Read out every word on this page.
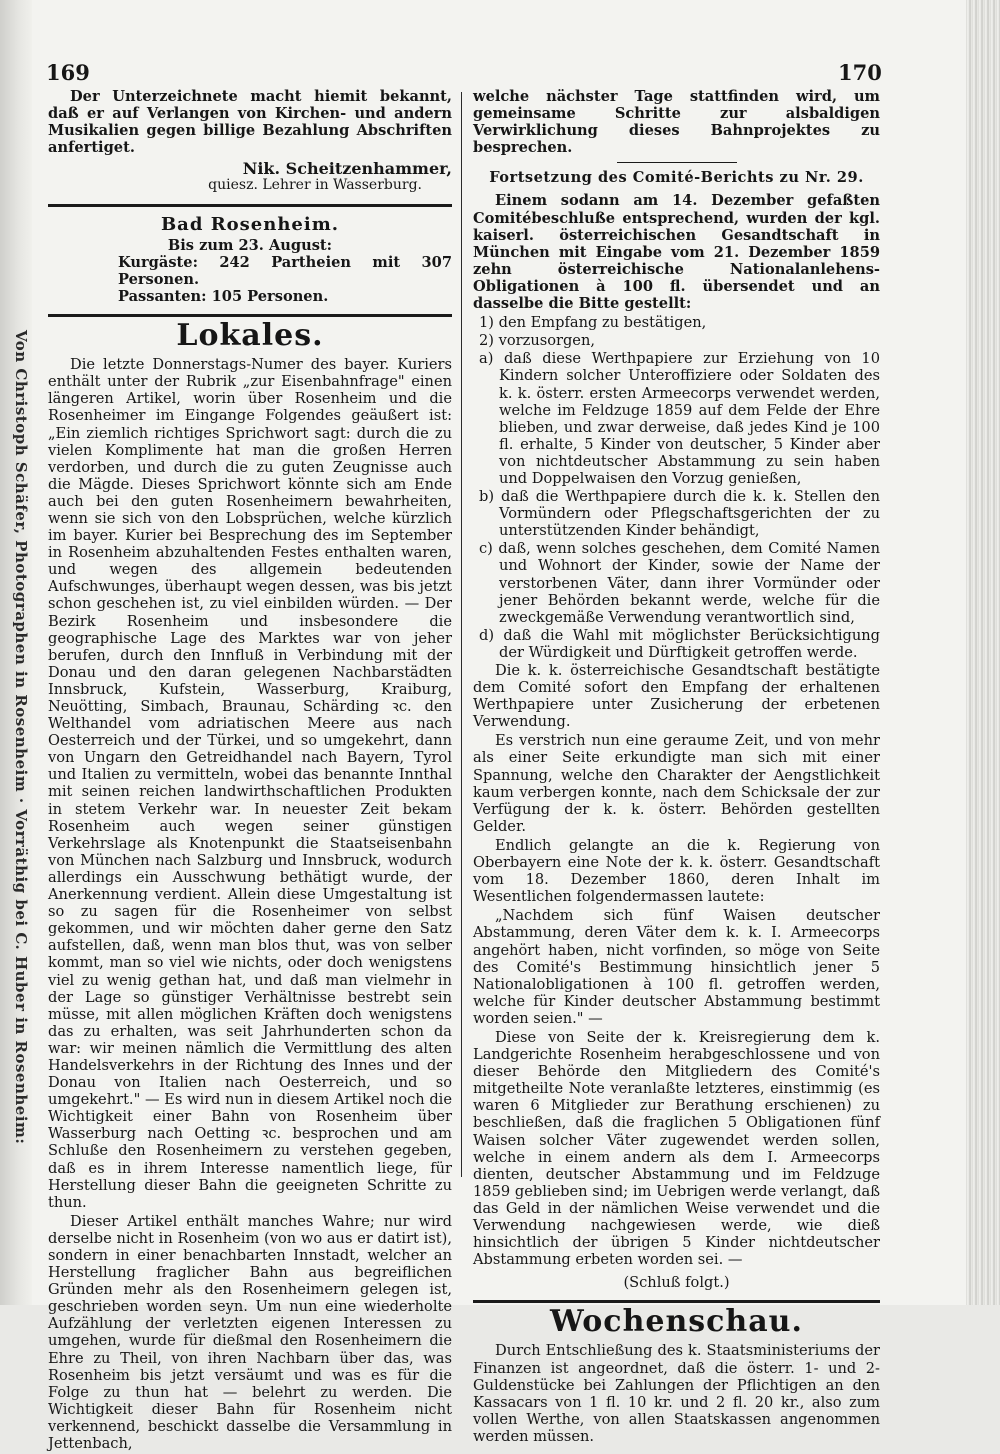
Von Christoph Schäfer, Photographen in Rosenheim · Vorräthig bei C. Huber in Rosenheim:
169	170
Der Unterzeichnete macht hiemit bekannt, daß er auf Verlangen von Kirchen- und andern Musikalien gegen billige Bezahlung Abschriften anfertiget.
Nik. Scheitzenhammer,
quiesz. Lehrer in Wasserburg.
Bad Rosenheim.
Bis zum 23. August:
Kurgäste: 242 Partheien mit 307 Personen.
Passanten: 105 Personen.
Lokales.
Die letzte Donnerstags-Numer des bayer. Kuriers enthält unter der Rubrik „zur Eisenbahnfrage" einen längeren Artikel, worin über Rosenheim und die Rosenheimer im Eingange Folgendes geäußert ist: „Ein ziemlich richtiges Sprichwort sagt: durch die zu vielen Komplimente hat man die großen Herren verdorben, und durch die zu guten Zeugnisse auch die Mägde. Dieses Sprichwort könnte sich am Ende auch bei den guten Rosenheimern bewahrheiten, wenn sie sich von den Lobsprüchen, welche kürzlich im bayer. Kurier bei Besprechung des im September in Rosenheim abzuhaltenden Festes enthalten waren, und wegen des allgemein bedeutenden Aufschwunges, überhaupt wegen dessen, was bis jetzt schon geschehen ist, zu viel einbilden würden. — Der Bezirk Rosenheim und insbesondere die geographische Lage des Marktes war von jeher berufen, durch den Innfluß in Verbindung mit der Donau und den daran gelegenen Nachbarstädten Innsbruck, Kufstein, Wasserburg, Kraiburg, Neuötting, Simbach, Braunau, Schärding ꝛc. den Welthandel vom adriatischen Meere aus nach Oesterreich und der Türkei, und so umgekehrt, dann von Ungarn den Getreidhandel nach Bayern, Tyrol und Italien zu vermitteln, wobei das benannte Innthal mit seinen reichen landwirthschaftlichen Produkten in stetem Verkehr war. In neuester Zeit bekam Rosenheim auch wegen seiner günstigen Verkehrslage als Knotenpunkt die Staatseisenbahn von München nach Salzburg und Innsbruck, wodurch allerdings ein Ausschwung bethätigt wurde, der Anerkennung verdient. Allein diese Umgestaltung ist so zu sagen für die Rosenheimer von selbst gekommen, und wir möchten daher gerne den Satz aufstellen, daß, wenn man blos thut, was von selber kommt, man so viel wie nichts, oder doch wenigstens viel zu wenig gethan hat, und daß man vielmehr in der Lage so günstiger Verhältnisse bestrebt sein müsse, mit allen möglichen Kräften doch wenigstens das zu erhalten, was seit Jahrhunderten schon da war: wir meinen nämlich die Vermittlung des alten Handelsverkehrs in der Richtung des Innes und der Donau von Italien nach Oesterreich, und so umgekehrt." — Es wird nun in diesem Artikel noch die Wichtigkeit einer Bahn von Rosenheim über Wasserburg nach Oetting ꝛc. besprochen und am Schluße den Rosenheimern zu verstehen gegeben, daß es in ihrem Interesse namentlich liege, für Herstellung dieser Bahn die geeigneten Schritte zu thun.
Dieser Artikel enthält manches Wahre; nur wird derselbe nicht in Rosenheim (von wo aus er datirt ist), sondern in einer benachbarten Innstadt, welcher an Herstellung fraglicher Bahn aus begreiflichen Gründen mehr als den Rosenheimern gelegen ist, geschrieben worden seyn. Um nun eine wiederholte Aufzählung der verletzten eigenen Interessen zu umgehen, wurde für dießmal den Rosenheimern die Ehre zu Theil, von ihren Nachbarn über das, was Rosenheim bis jetzt versäumt und was es für die Folge zu thun hat — belehrt zu werden. Die Wichtigkeit dieser Bahn für Rosenheim nicht verkennend, beschickt dasselbe die Versammlung in Jettenbach,
welche nächster Tage stattfinden wird, um gemeinsame Schritte zur alsbaldigen Verwirklichung dieses Bahnprojektes zu besprechen.
Fortsetzung des Comité-Berichts zu Nr. 29.
Einem sodann am 14. Dezember gefaßten Comitébeschluße entsprechend, wurden der kgl. kaiserl. österreichischen Gesandtschaft in München mit Eingabe vom 21. Dezember 1859 zehn österreichische Nationalanlehens-Obligationen à 100 fl. übersendet und an dasselbe die Bitte gestellt:
1) den Empfang zu bestätigen,
2) vorzusorgen,
a) daß diese Werthpapiere zur Erziehung von 10 Kindern solcher Unteroffiziere oder Soldaten des k. k. österr. ersten Armeecorps verwendet werden, welche im Feldzuge 1859 auf dem Felde der Ehre blieben, und zwar derweise, daß jedes Kind je 100 fl. erhalte, 5 Kinder von deutscher, 5 Kinder aber von nichtdeutscher Abstammung zu sein haben und Doppelwaisen den Vorzug genießen,
b) daß die Werthpapiere durch die k. k. Stellen den Vormündern oder Pflegschaftsgerichten der zu unterstützenden Kinder behändigt,
c) daß, wenn solches geschehen, dem Comité Namen und Wohnort der Kinder, sowie der Name der verstorbenen Väter, dann ihrer Vormünder oder jener Behörden bekannt werde, welche für die zweckgemäße Verwendung verantwortlich sind,
d) daß die Wahl mit möglichster Berücksichtigung der Würdigkeit und Dürftigkeit getroffen werde.
Die k. k. österreichische Gesandtschaft bestätigte dem Comité sofort den Empfang der erhaltenen Werthpapiere unter Zusicherung der erbetenen Verwendung.
Es verstrich nun eine geraume Zeit, und von mehr als einer Seite erkundigte man sich mit einer Spannung, welche den Charakter der Aengstlichkeit kaum verbergen konnte, nach dem Schicksale der zur Verfügung der k. k. österr. Behörden gestellten Gelder.
Endlich gelangte an die k. Regierung von Oberbayern eine Note der k. k. österr. Gesandtschaft vom 18. Dezember 1860, deren Inhalt im Wesentlichen folgendermassen lautete:
„Nachdem sich fünf Waisen deutscher Abstammung, deren Väter dem k. k. I. Armeecorps angehört haben, nicht vorfinden, so möge von Seite des Comité's Bestimmung hinsichtlich jener 5 Nationalobligationen à 100 fl. getroffen werden, welche für Kinder deutscher Abstammung bestimmt worden seien." —
Diese von Seite der k. Kreisregierung dem k. Landgerichte Rosenheim herabgeschlossene und von dieser Behörde den Mitgliedern des Comité's mitgetheilte Note veranlaßte letzteres, einstimmig (es waren 6 Mitglieder zur Berathung erschienen) zu beschließen, daß die fraglichen 5 Obligationen fünf Waisen solcher Väter zugewendet werden sollen, welche in einem andern als dem I. Armeecorps dienten, deutscher Abstammung und im Feldzuge 1859 geblieben sind; im Uebrigen werde verlangt, daß das Geld in der nämlichen Weise verwendet und die Verwendung nachgewiesen werde, wie dieß hinsichtlich der übrigen 5 Kinder nichtdeutscher Abstammung erbeten worden sei. —
(Schluß folgt.)
Wochenschau.
Durch Entschließung des k. Staatsministeriums der Finanzen ist angeordnet, daß die österr. 1- und 2-Guldenstücke bei Zahlungen der Pflichtigen an den Kassacars von 1 fl. 10 kr. und 2 fl. 20 kr., also zum vollen Werthe, von allen Staatskassen angenommen werden müssen.
